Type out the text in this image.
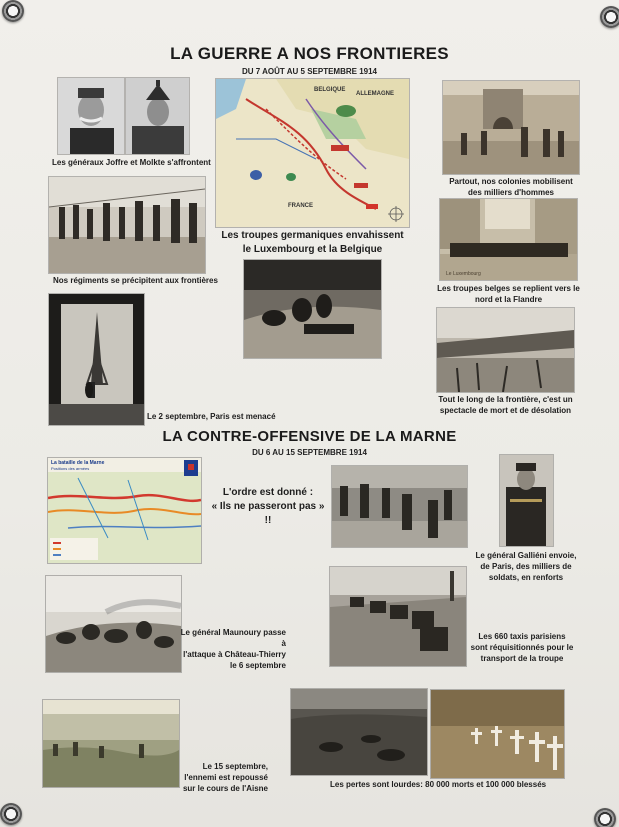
LA GUERRE A NOS FRONTIERES
DU 7 AOÛT AU 5 SEPTEMBRE 1914
Les généraux Joffre et Molkte s'affrontent
BELGIQUE
ALLEMAGNE
FRANCE
Les troupes germaniques envahissent
le Luxembourg et la Belgique
Partout, nos colonies mobilisent
des milliers d'hommes
Nos régiments se précipitent aux frontières
Le Luxembourg
Les troupes belges se replient vers le
nord et la Flandre
Le 2 septembre, Paris est menacé
Tout le long de la frontière, c'est un
spectacle de mort et de désolation
LA CONTRE-OFFENSIVE DE LA MARNE
DU 6 AU 15 SEPTEMBRE 1914
La bataille de la Marne
Positions des armées
L'ordre est donné :
« Ils ne passeront pas » !!
Le général Galliéni envoie,
de Paris, des milliers de
soldats, en renforts
Le général Maunoury passe à
l'attaque à Château-Thierry
le 6 septembre
Les 660 taxis parisiens
sont réquisitionnés pour le
transport de la troupe
Le 15 septembre,
l'ennemi est repoussé
sur le cours de l'Aisne	Les pertes sont lourdes: 80 000 morts et 100 000 blessés
